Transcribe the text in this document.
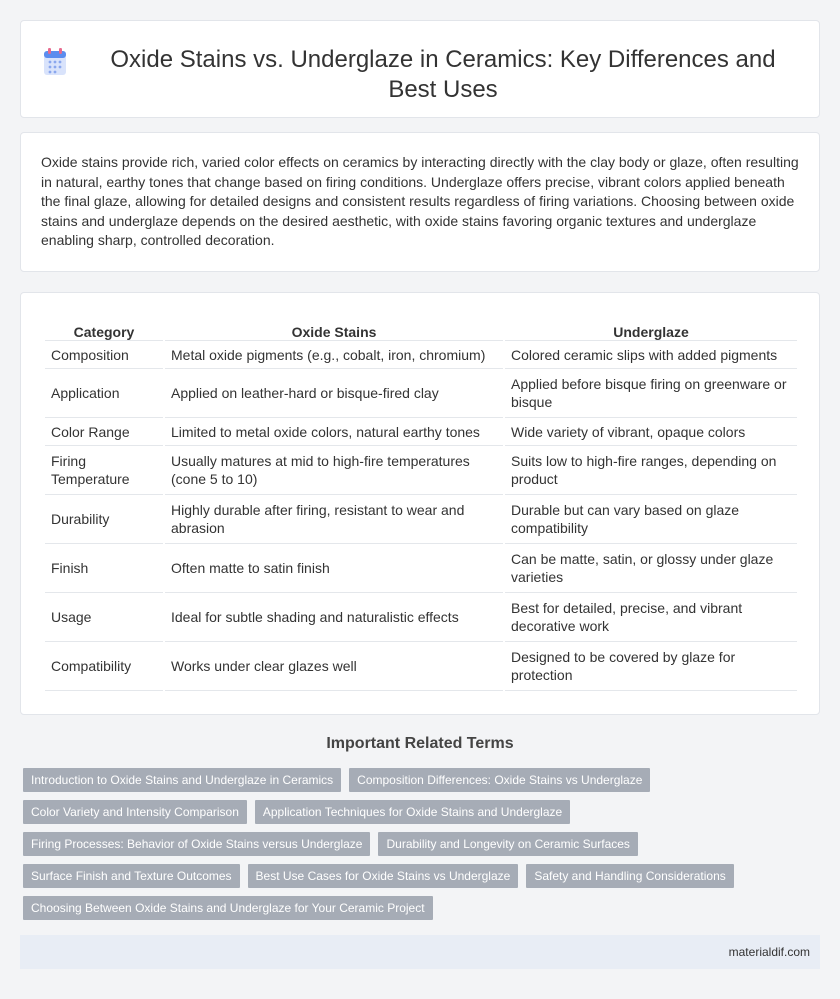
Oxide Stains vs. Underglaze in Ceramics: Key Differences and Best Uses

Oxide stains provide rich, varied color effects on ceramics by interacting directly with the clay body or glaze, often resulting in natural, earthy tones that change based on firing conditions. Underglaze offers precise, vibrant colors applied beneath the final glaze, allowing for detailed designs and consistent results regardless of firing variations. Choosing between oxide stains and underglaze depends on the desired aesthetic, with oxide stains favoring organic textures and underglaze enabling sharp, controlled decoration.

Category	Oxide Stains	Underglaze
Composition	Metal oxide pigments (e.g., cobalt, iron, chromium)	Colored ceramic slips with added pigments
Application	Applied on leather-hard or bisque-fired clay	Applied before bisque firing on greenware or bisque
Color Range	Limited to metal oxide colors, natural earthy tones	Wide variety of vibrant, opaque colors
Firing Temperature	Usually matures at mid to high-fire temperatures (cone 5 to 10)	Suits low to high-fire ranges, depending on product
Durability	Highly durable after firing, resistant to wear and abrasion	Durable but can vary based on glaze compatibility
Finish	Often matte to satin finish	Can be matte, satin, or glossy under glaze varieties
Usage	Ideal for subtle shading and naturalistic effects	Best for detailed, precise, and vibrant decorative work
Compatibility	Works under clear glazes well	Designed to be covered by glaze for protection
Important Related Terms
Introduction to Oxide Stains and Underglaze in Ceramics	Composition Differences: Oxide Stains vs Underglaze
Color Variety and Intensity Comparison	Application Techniques for Oxide Stains and Underglaze
Firing Processes: Behavior of Oxide Stains versus Underglaze	Durability and Longevity on Ceramic Surfaces
Surface Finish and Texture Outcomes	Best Use Cases for Oxide Stains vs Underglaze	Safety and Handling Considerations
Choosing Between Oxide Stains and Underglaze for Your Ceramic Project
materialdif.com
